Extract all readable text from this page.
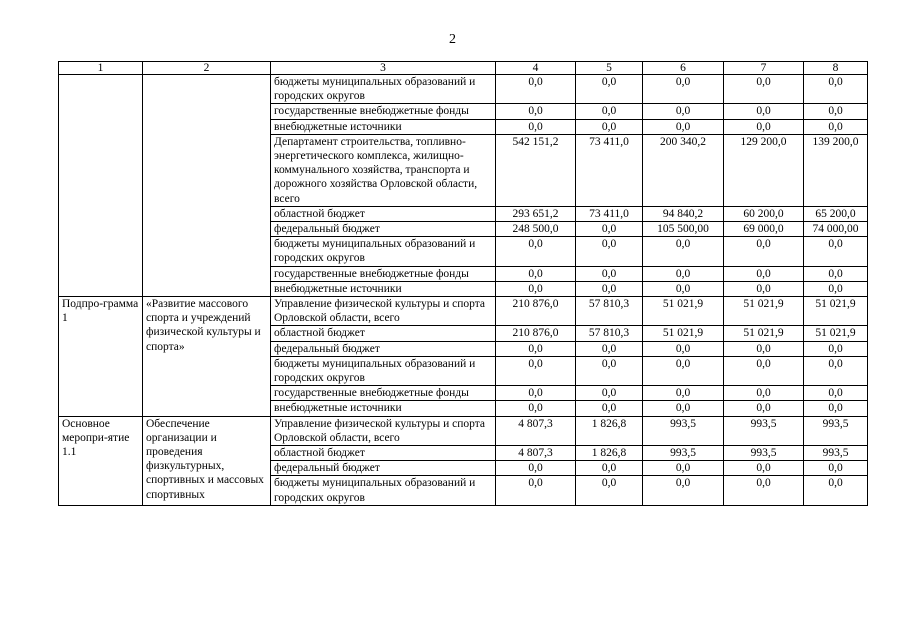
2
1	2	3	4	5	6	7	8
		бюджеты муниципальных образований и городских округов	0,0	0,0	0,0	0,0	0,0
		государственные внебюджетные фонды	0,0	0,0	0,0	0,0	0,0
		внебюджетные источники	0,0	0,0	0,0	0,0	0,0
		Департамент строительства, топливно-энергетического комплекса, жилищно-коммунального хозяйства, транспорта и дорожного хозяйства Орловской области, всего	542 151,2	73 411,0	200 340,2	129 200,0	139 200,0
		областной бюджет	293 651,2	73 411,0	94 840,2	60 200,0	65 200,0
		федеральный бюджет	248 500,0	0,0	105 500,00	69 000,0	74 000,00
		бюджеты муниципальных образований и городских округов	0,0	0,0	0,0	0,0	0,0
		государственные внебюджетные фонды	0,0	0,0	0,0	0,0	0,0
		внебюджетные источники	0,0	0,0	0,0	0,0	0,0
Подпро-грамма 1	«Развитие массового спорта и учреждений физической культуры и спорта»	Управление физической культуры и спорта Орловской области, всего	210 876,0	57 810,3	51 021,9	51 021,9	51 021,9
		областной бюджет	210 876,0	57 810,3	51 021,9	51 021,9	51 021,9
		федеральный бюджет	0,0	0,0	0,0	0,0	0,0
		бюджеты муниципальных образований и городских округов	0,0	0,0	0,0	0,0	0,0
		государственные внебюджетные фонды	0,0	0,0	0,0	0,0	0,0
		внебюджетные источники	0,0	0,0	0,0	0,0	0,0
Основное меропри-ятие 1.1	Обеспечение организации и проведения физкультурных, спортивных и массовых спортивных	Управление физической культуры и спорта Орловской области, всего	4 807,3	1 826,8	993,5	993,5	993,5
		областной бюджет	4 807,3	1 826,8	993,5	993,5	993,5
		федеральный бюджет	0,0	0,0	0,0	0,0	0,0
		бюджеты муниципальных образований и городских округов	0,0	0,0	0,0	0,0	0,0
